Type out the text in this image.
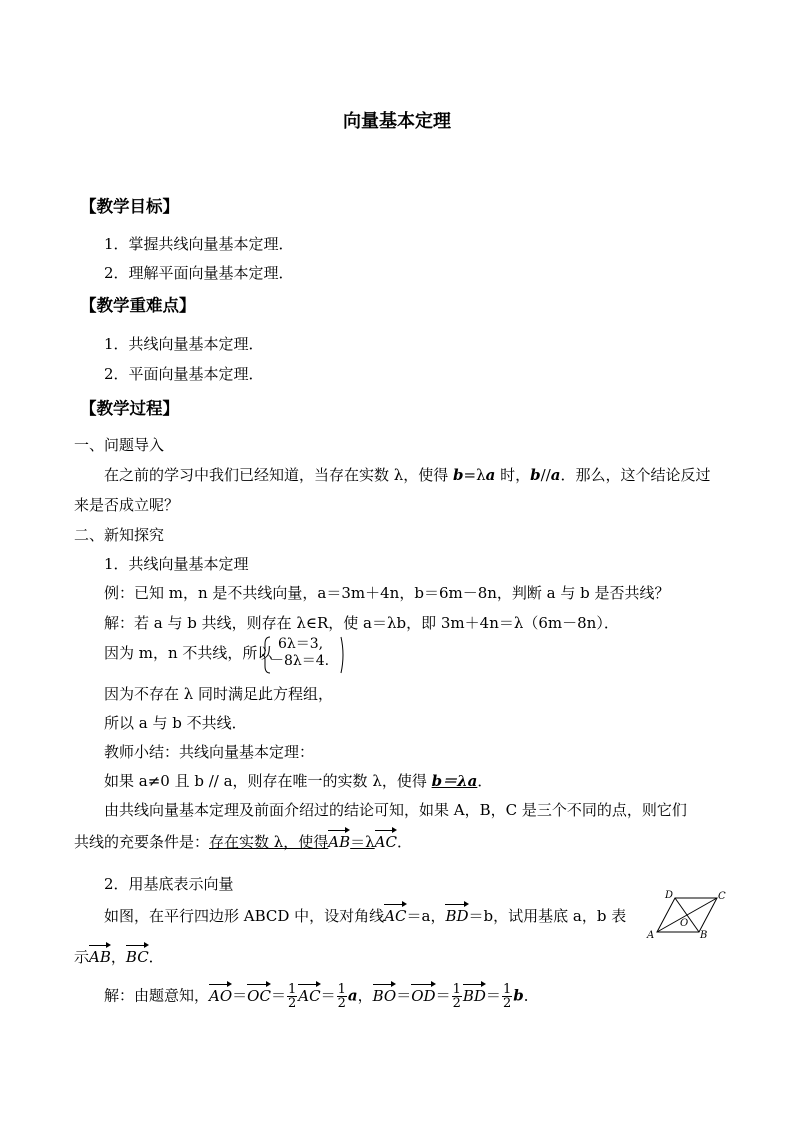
向量基本定理
【教学目标】
1．掌握共线向量基本定理．
2．理解平面向量基本定理．
【教学重难点】
1．共线向量基本定理．
2．平面向量基本定理．
【教学过程】
一、问题导入
在之前的学习中我们已经知道，当存在实数 λ，使得 b=λa 时，b//a．那么，这个结论反过
来是否成立呢？
二、新知探究
1．共线向量基本定理
例：已知 m，n 是不共线向量，a＝3m＋4n，b＝6m－8n，判断 a 与 b 是否共线？
解：若 a 与 b 共线，则存在 λ∈R，使 a＝λb，即 3m＋4n＝λ（6m－8n）．
因为 m，n 不共线，所以 6λ＝3,
－8λ＝4.
因为不存在 λ 同时满足此方程组，
所以 a 与 b 不共线．
教师小结：共线向量基本定理：
如果 a≠0 且 b // a，则存在唯一的实数 λ，使得 b＝λa．
由共线向量基本定理及前面介绍过的结论可知，如果 A，B，C 是三个不同的点，则它们
共线的充要条件是：存在实数 λ，使得AB＝λAC．
2．用基底表示向量
如图，在平行四边形 ABCD 中，设对角线AC＝a，BD＝b，试用基底 a，b 表
示AB，BC．
D	C
A	B
O
解：由题意知，$AO=OC= \frac{1}{2} AC= \frac{1}{2}$ a，$BO=OD= \frac{1}{2} BD= \frac{1}{2}$ b．
